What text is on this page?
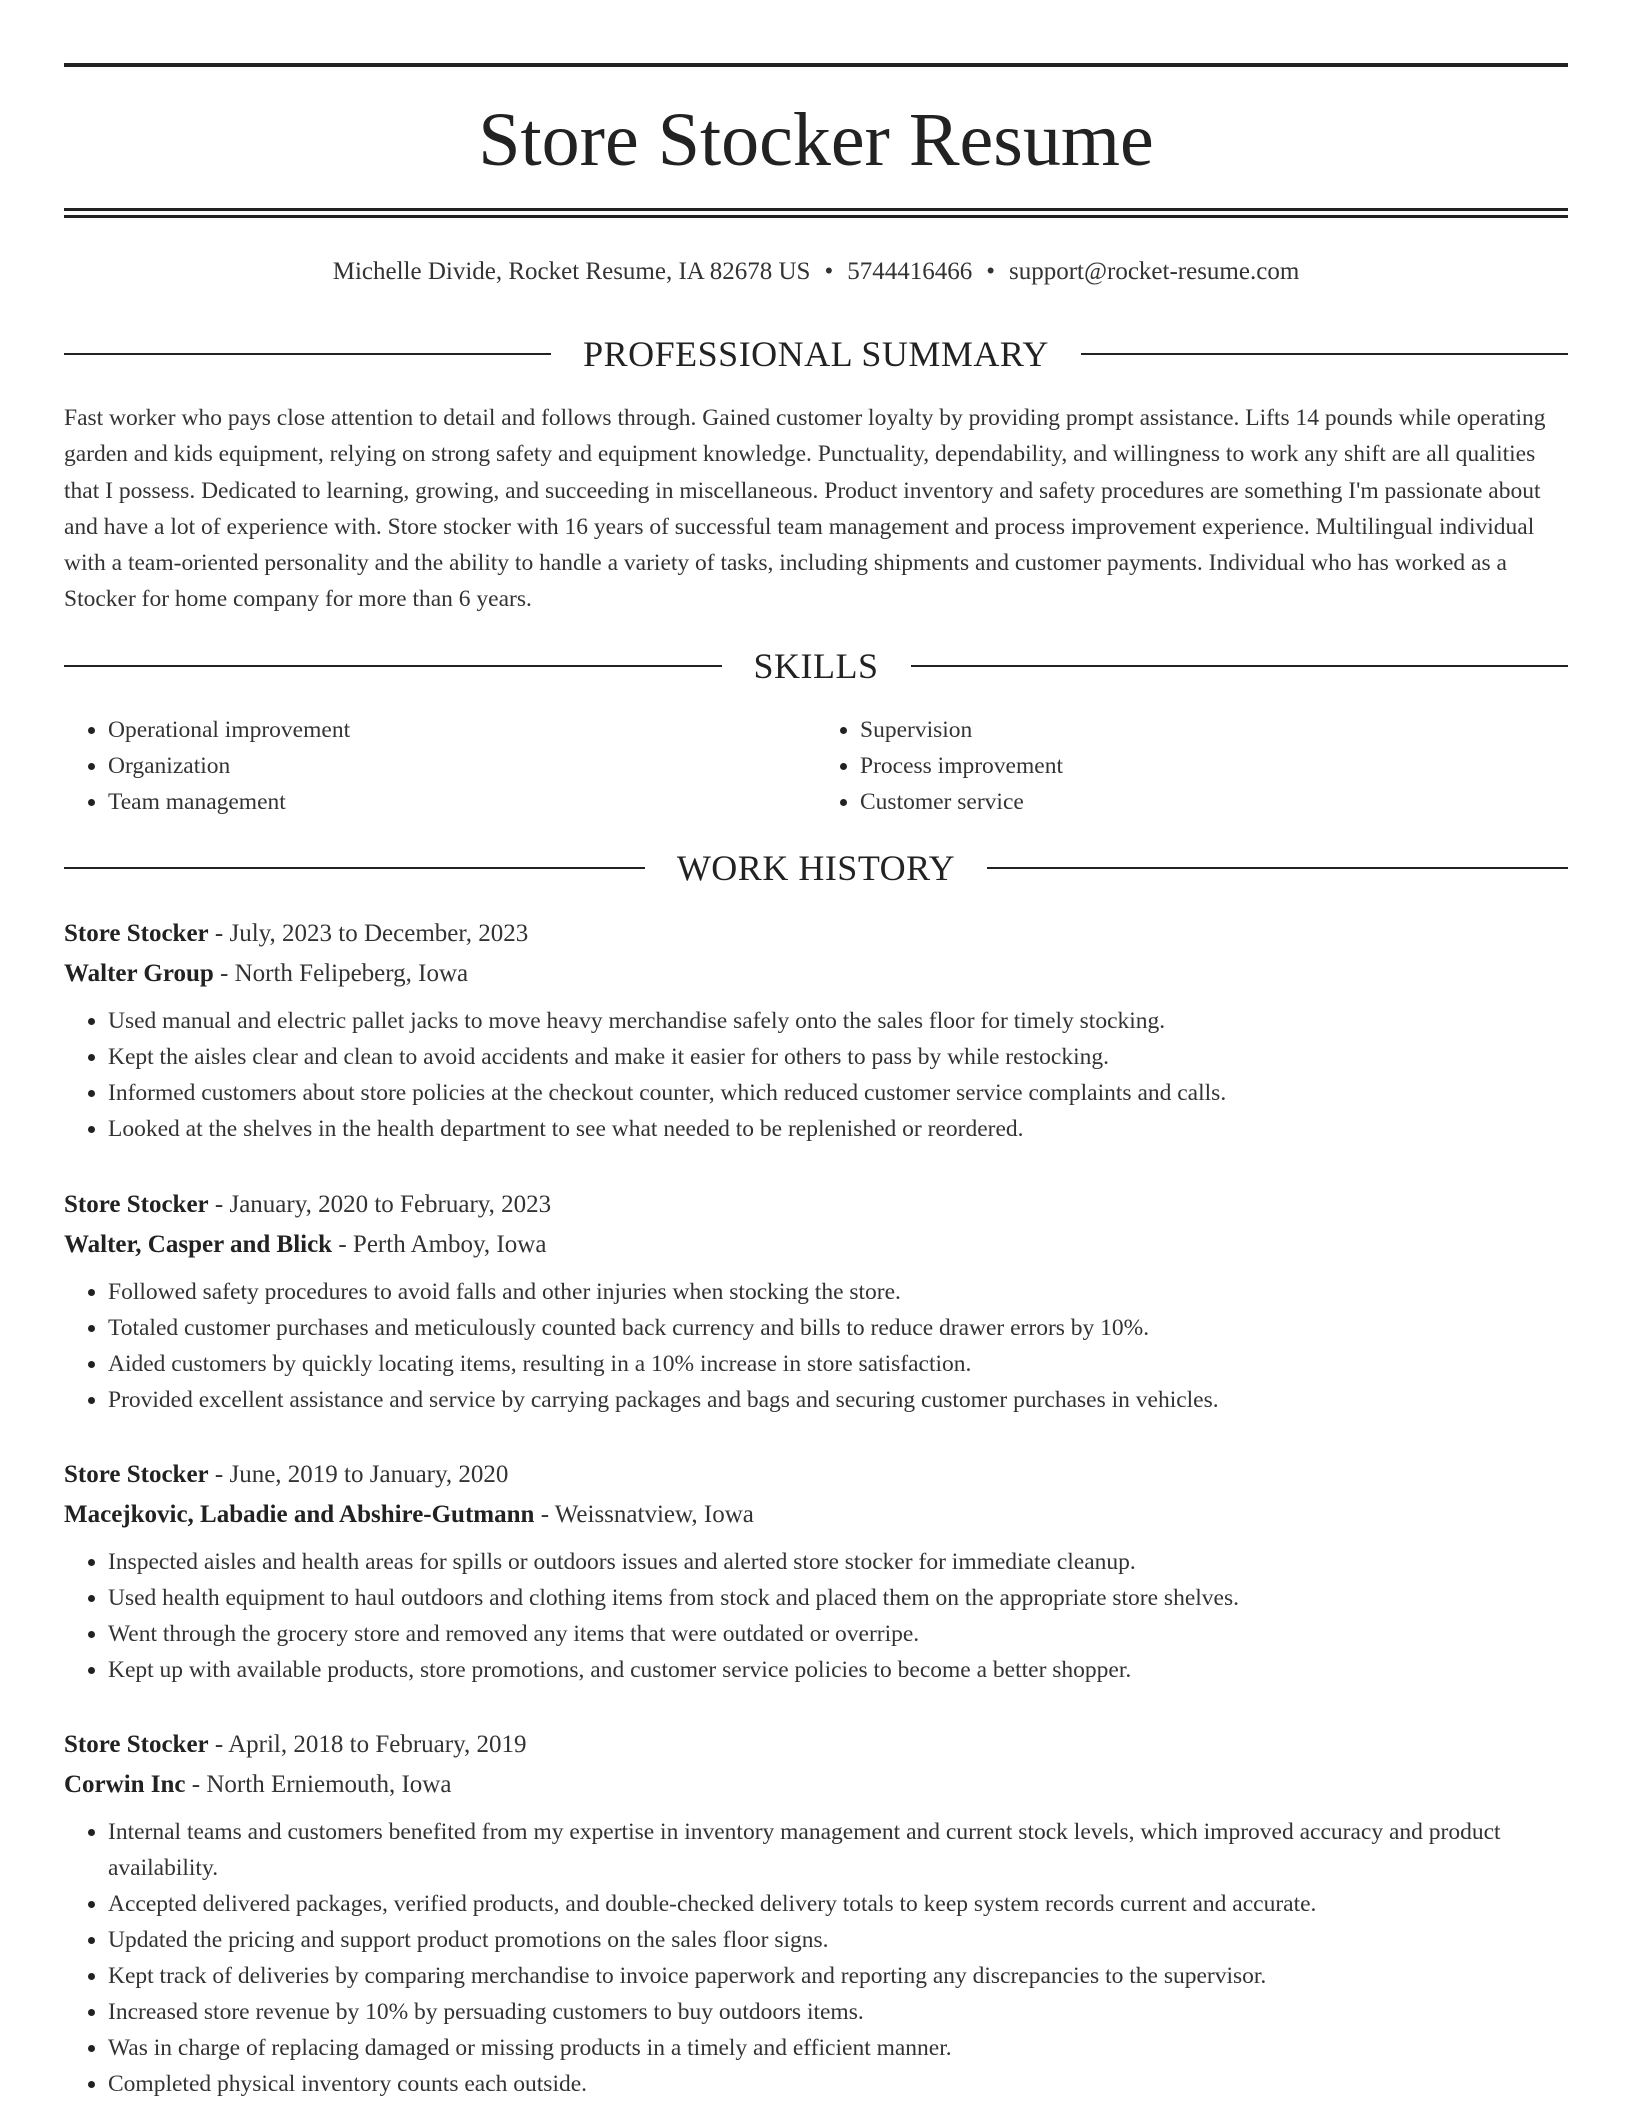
Store Stocker Resume
Michelle Divide, Rocket Resume, IA 82678 US • 5744416466 • support@rocket-resume.com
PROFESSIONAL SUMMARY

Fast worker who pays close attention to detail and follows through. Gained customer loyalty by providing prompt assistance. Lifts 14 pounds while operating garden and kids equipment, relying on strong safety and equipment knowledge. Punctuality, dependability, and willingness to work any shift are all qualities that I possess. Dedicated to learning, growing, and succeeding in miscellaneous. Product inventory and safety procedures are something I'm passionate about and have a lot of experience with. Store stocker with 16 years of successful team management and process improvement experience. Multilingual individual with a team-oriented personality and the ability to handle a variety of tasks, including shipments and customer payments. Individual who has worked as a Stocker for home company for more than 6 years.

SKILLS
• Operational improvement
• Organization
• Team management
• Supervision
• Process improvement
• Customer service
WORK HISTORY
Store Stocker - July, 2023 to December, 2023
Walter Group - North Felipeberg, Iowa
• Used manual and electric pallet jacks to move heavy merchandise safely onto the sales floor for timely stocking.
• Kept the aisles clear and clean to avoid accidents and make it easier for others to pass by while restocking.
• Informed customers about store policies at the checkout counter, which reduced customer service complaints and calls.
• Looked at the shelves in the health department to see what needed to be replenished or reordered.
Store Stocker - January, 2020 to February, 2023
Walter, Casper and Blick - Perth Amboy, Iowa
• Followed safety procedures to avoid falls and other injuries when stocking the store.
• Totaled customer purchases and meticulously counted back currency and bills to reduce drawer errors by 10%.
• Aided customers by quickly locating items, resulting in a 10% increase in store satisfaction.
• Provided excellent assistance and service by carrying packages and bags and securing customer purchases in vehicles.
Store Stocker - June, 2019 to January, 2020
Macejkovic, Labadie and Abshire-Gutmann - Weissnatview, Iowa
• Inspected aisles and health areas for spills or outdoors issues and alerted store stocker for immediate cleanup.
• Used health equipment to haul outdoors and clothing items from stock and placed them on the appropriate store shelves.
• Went through the grocery store and removed any items that were outdated or overripe.
• Kept up with available products, store promotions, and customer service policies to become a better shopper.
Store Stocker - April, 2018 to February, 2019
Corwin Inc - North Erniemouth, Iowa
• Internal teams and customers benefited from my expertise in inventory management and current stock levels, which improved accuracy and product availability.
• Accepted delivered packages, verified products, and double-checked delivery totals to keep system records current and accurate.
• Updated the pricing and support product promotions on the sales floor signs.
• Kept track of deliveries by comparing merchandise to invoice paperwork and reporting any discrepancies to the supervisor.
• Increased store revenue by 10% by persuading customers to buy outdoors items.
• Was in charge of replacing damaged or missing products in a timely and efficient manner.
• Completed physical inventory counts each outside.
